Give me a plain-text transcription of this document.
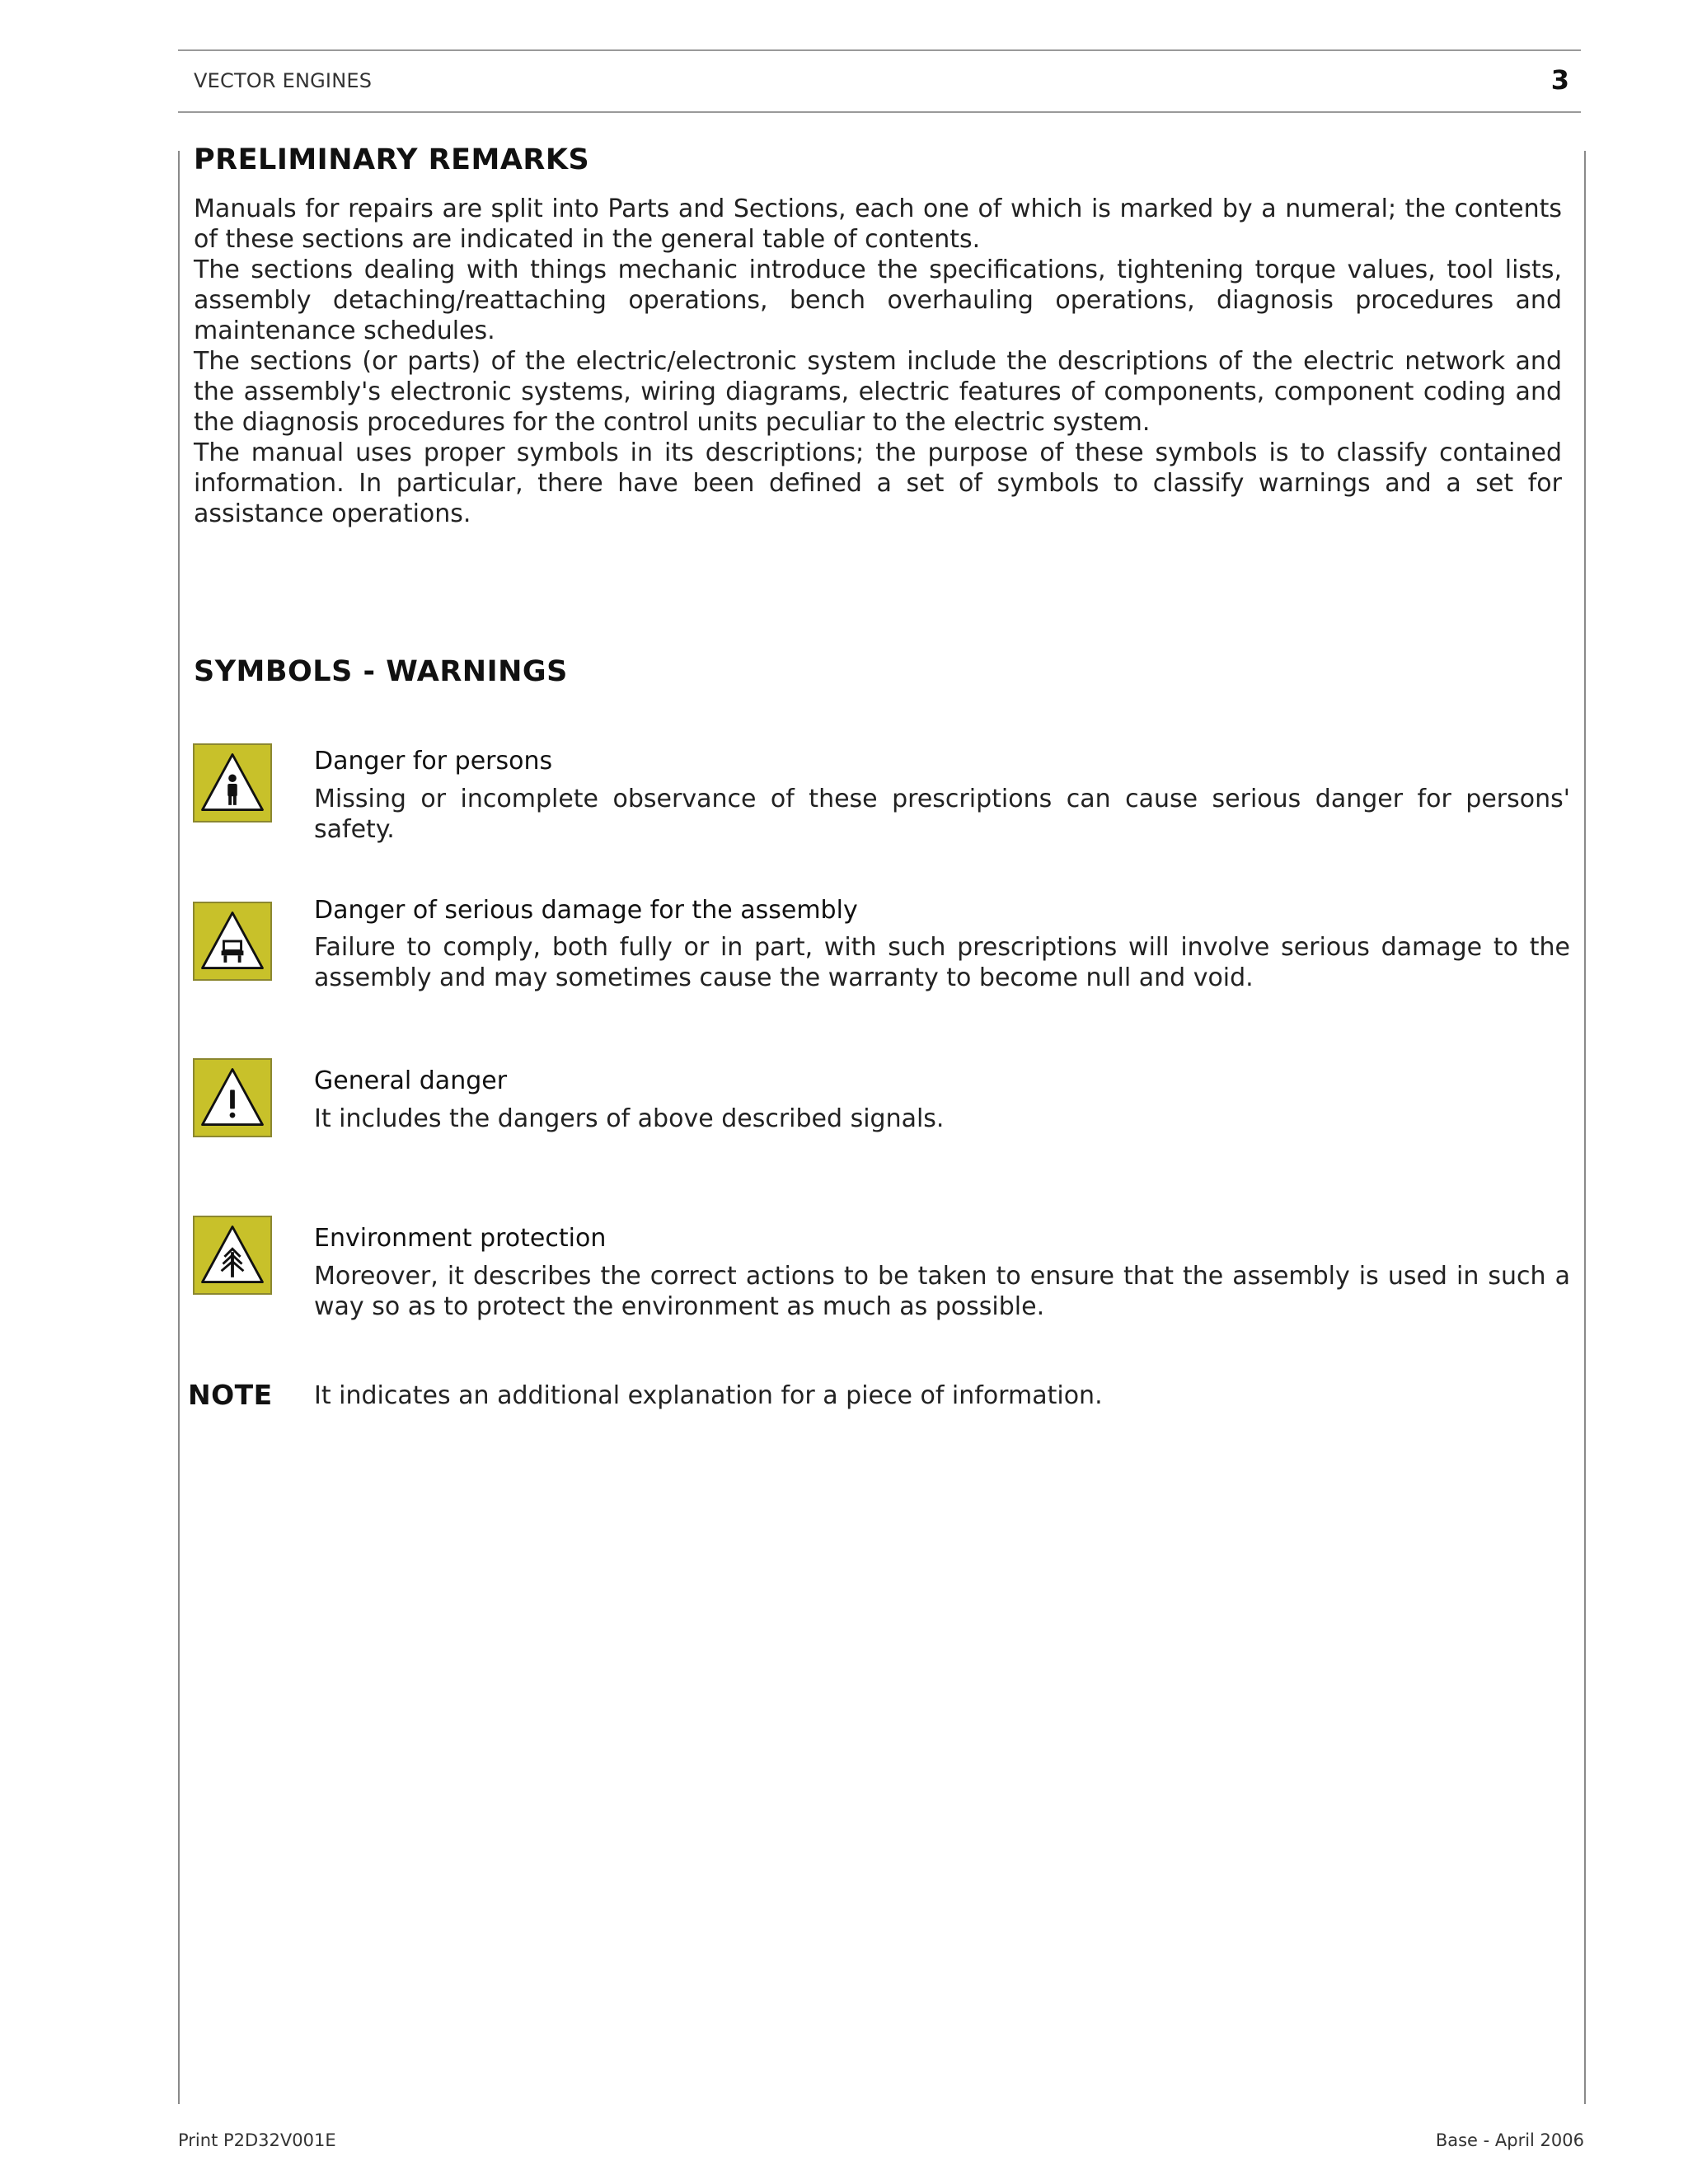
VECTOR ENGINES	3
PRELIMINARY REMARKS

Manuals for repairs are split into Parts and Sections, each one of which is marked by a numeral; the contents of these sections are indicated in the general table of contents.

The sections dealing with things mechanic introduce the specifications, tightening torque values, tool lists, assembly detaching/reattaching operations, bench overhauling operations, diagnosis procedures and maintenance schedules.

The sections (or parts) of the electric/electronic system include the descriptions of the electric network and the assembly's electronic systems, wiring diagrams, electric features of components, component coding and the diagnosis procedures for the control units peculiar to the electric system.

The manual uses proper symbols in its descriptions; the purpose of these symbols is to classify contained information. In particular, there have been defined a set of symbols to classify warnings and a set for assistance operations.

SYMBOLS - WARNINGS
Danger for persons
Missing or incomplete observance of these prescriptions can cause serious danger for persons' safety.
Danger of serious damage for the assembly
Failure to comply, both fully or in part, with such prescriptions will involve serious damage to the assembly and may sometimes cause the warranty to become null and void.
General danger
It includes the dangers of above described signals.
Environment protection
Moreover, it describes the correct actions to be taken to ensure that the assembly is used in such a way so as to protect the environment as much as possible.
NOTE It indicates an additional explanation for a piece of information.
Print P2D32V001E	Base - April 2006
